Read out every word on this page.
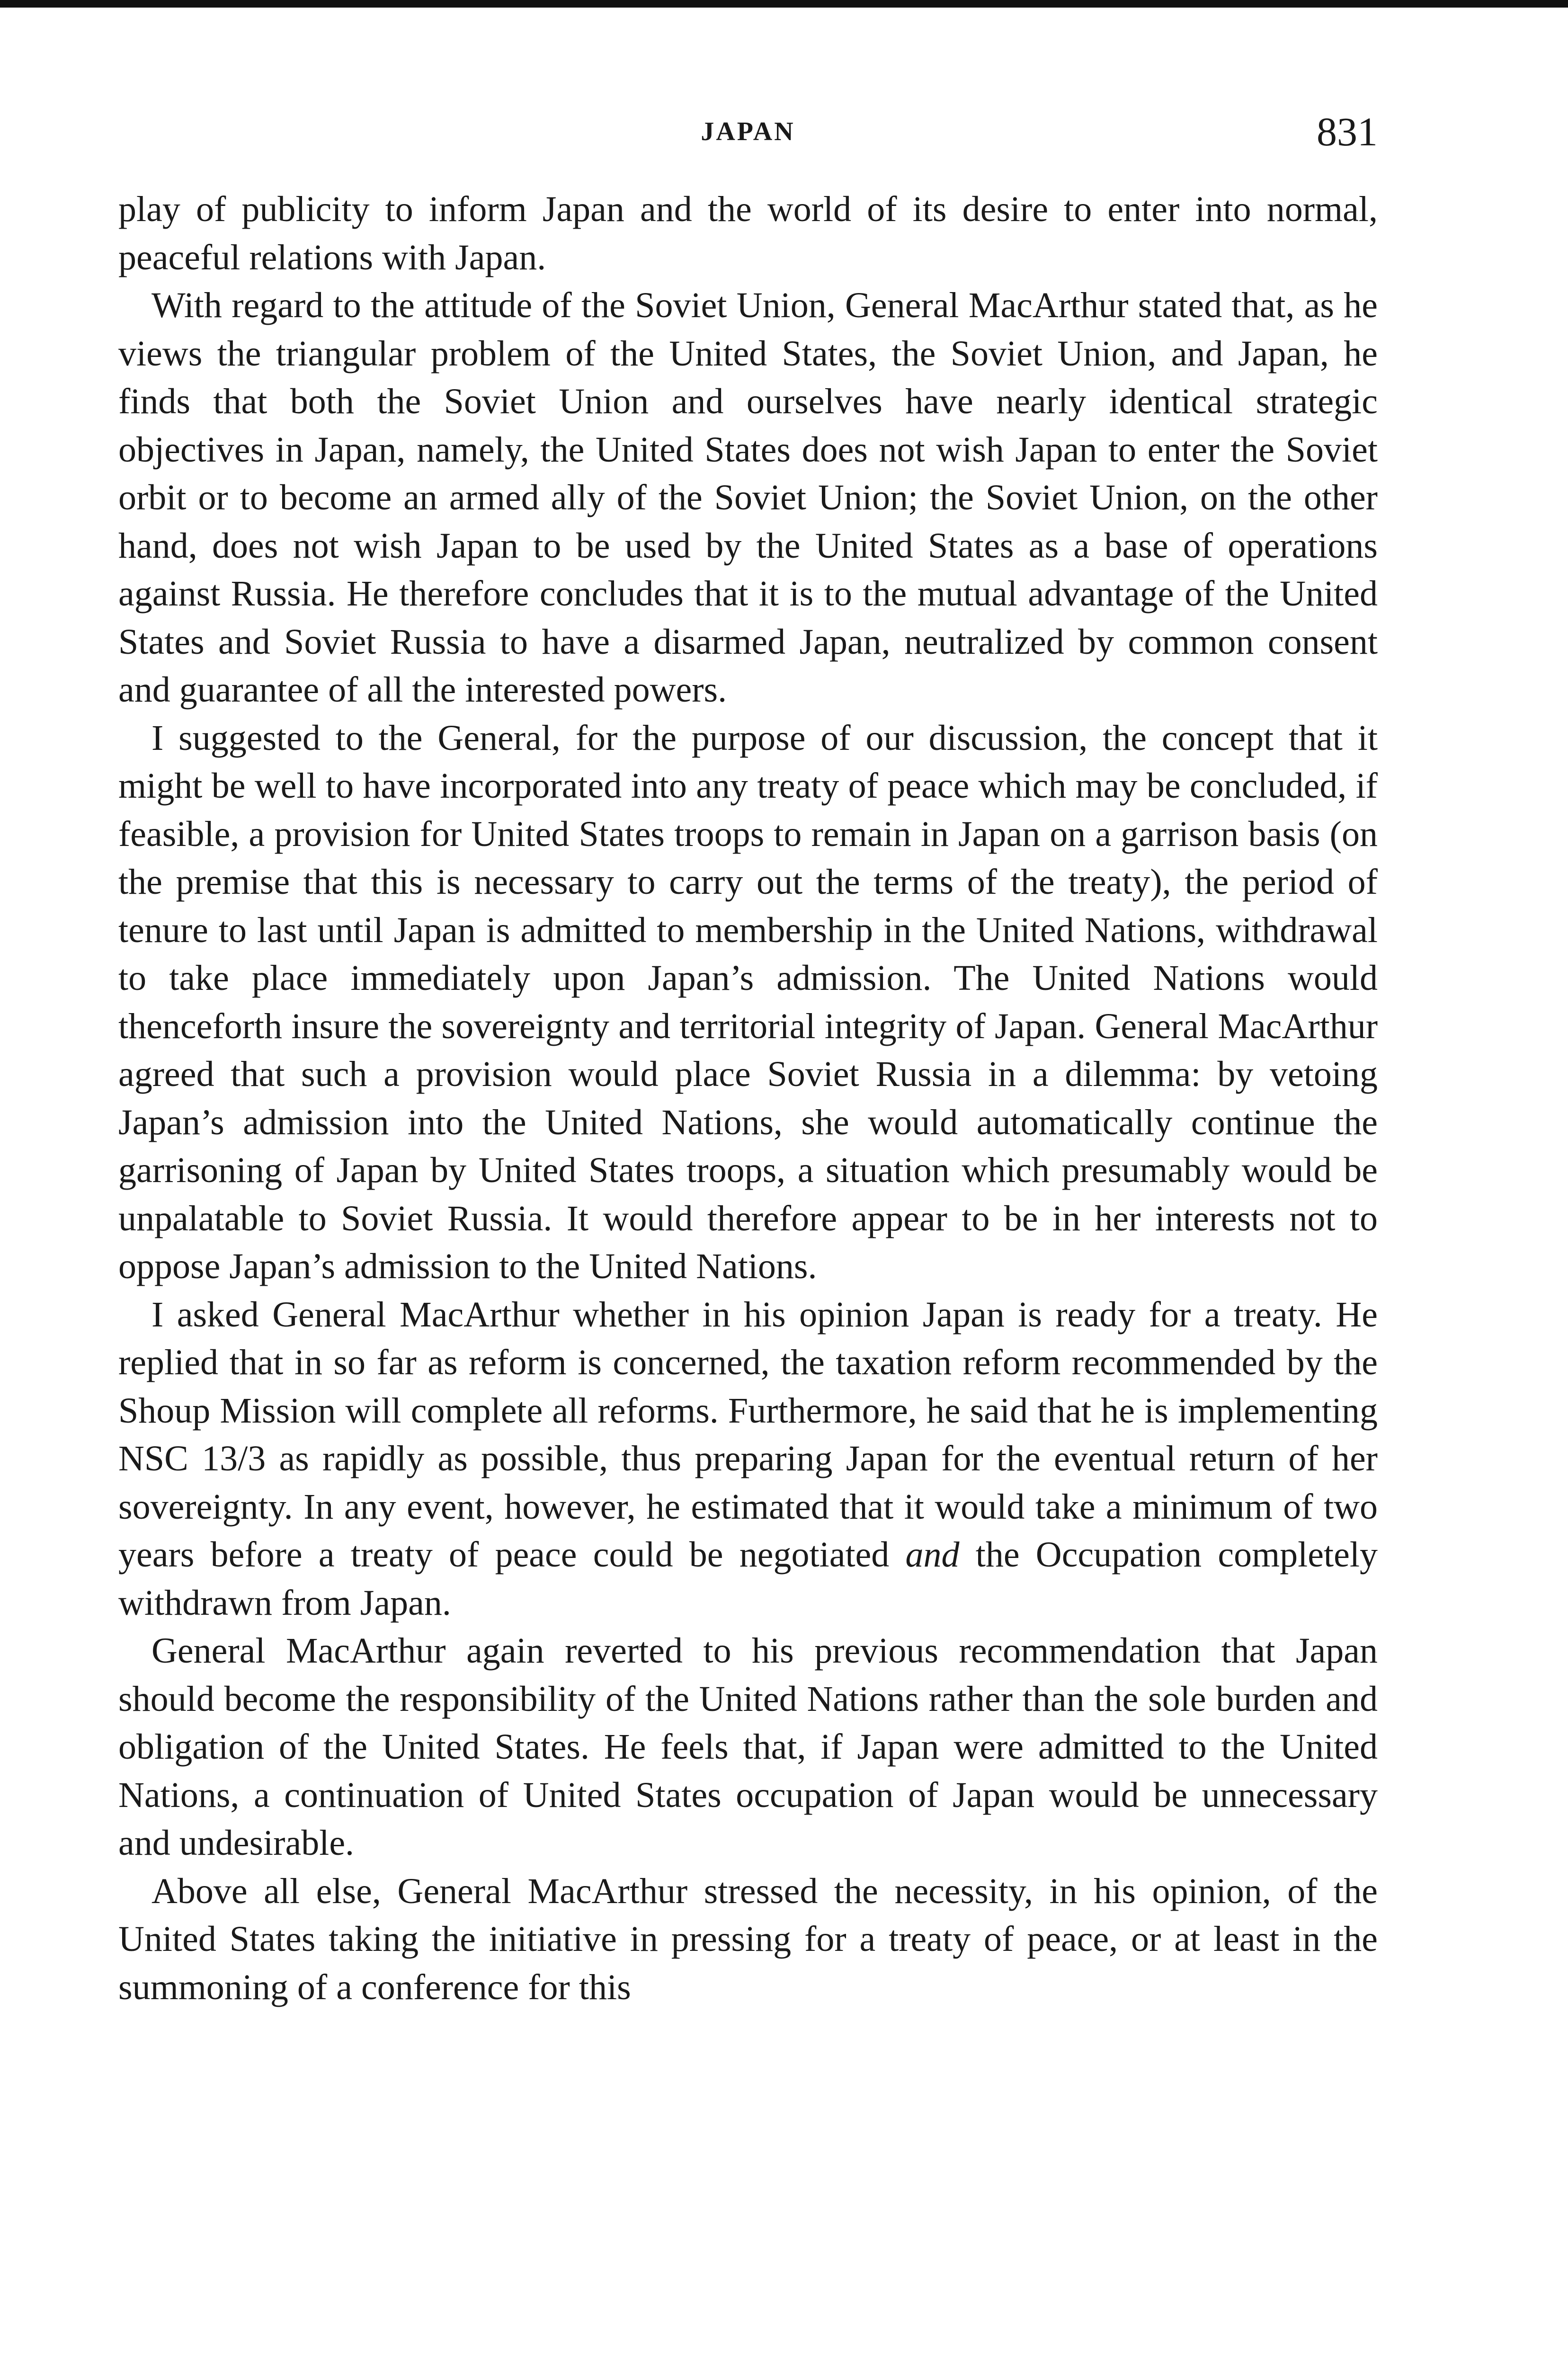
JAPAN	831

play of publicity to inform Japan and the world of its desire to enter into normal, peaceful relations with Japan.

With regard to the attitude of the Soviet Union, General MacArthur stated that, as he views the triangular problem of the United States, the Soviet Union, and Japan, he finds that both the Soviet Union and ourselves have nearly identical strategic objectives in Japan, namely, the United States does not wish Japan to enter the Soviet orbit or to become an armed ally of the Soviet Union; the Soviet Union, on the other hand, does not wish Japan to be used by the United States as a base of operations against Russia. He therefore concludes that it is to the mutual advantage of the United States and Soviet Russia to have a disarmed Japan, neutralized by common consent and guarantee of all the interested powers.

I suggested to the General, for the purpose of our discussion, the concept that it might be well to have incorporated into any treaty of peace which may be concluded, if feasible, a provision for United States troops to remain in Japan on a garrison basis (on the premise that this is necessary to carry out the terms of the treaty), the period of tenure to last until Japan is admitted to membership in the United Nations, withdrawal to take place immediately upon Japan’s admission. The United Nations would thenceforth insure the sovereignty and territorial integrity of Japan. General MacArthur agreed that such a provision would place Soviet Russia in a dilemma: by vetoing Japan’s admission into the United Nations, she would automatically continue the garrisoning of Japan by United States troops, a situation which presumably would be unpalatable to Soviet Russia. It would therefore appear to be in her interests not to oppose Japan’s admission to the United Nations.

I asked General MacArthur whether in his opinion Japan is ready for a treaty. He replied that in so far as reform is concerned, the taxation reform recommended by the Shoup Mission will complete all reforms. Furthermore, he said that he is implementing NSC 13/3 as rapidly as possible, thus preparing Japan for the eventual return of her sovereignty. In any event, however, he estimated that it would take a minimum of two years before a treaty of peace could be negotiated and the Occupation completely withdrawn from Japan.

General MacArthur again reverted to his previous recommendation that Japan should become the responsibility of the United Nations rather than the sole burden and obligation of the United States. He feels that, if Japan were admitted to the United Nations, a continuation of United States occupation of Japan would be unnecessary and undesirable.

Above all else, General MacArthur stressed the necessity, in his opinion, of the United States taking the initiative in pressing for a treaty of peace, or at least in the summoning of a conference for this
